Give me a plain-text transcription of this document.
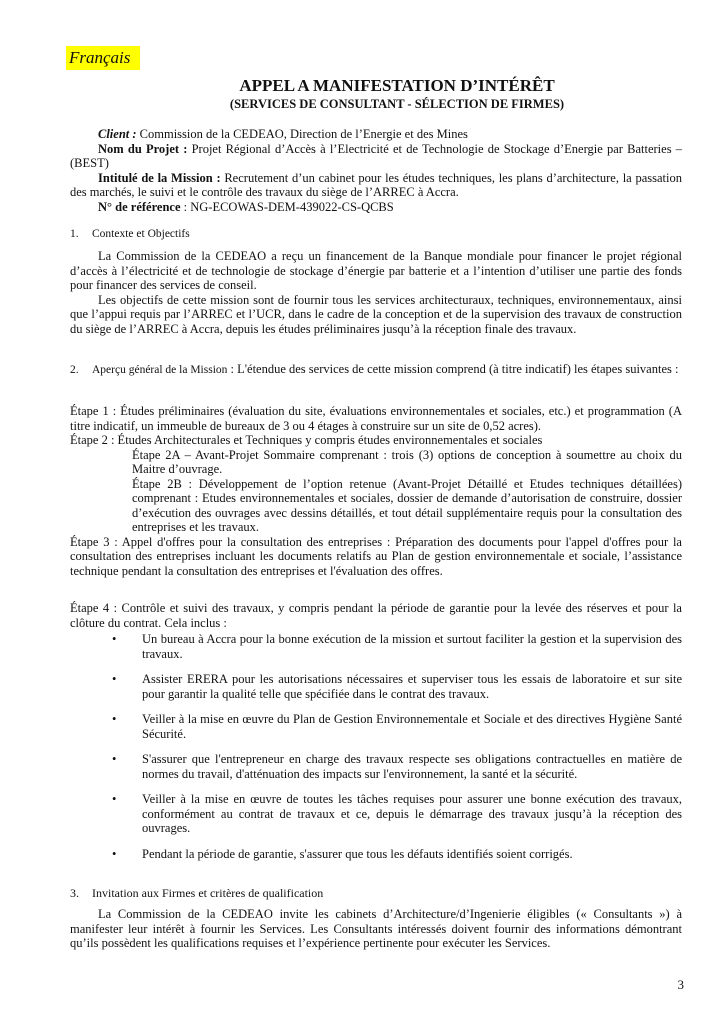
Français
APPEL A MANIFESTATION D’INTÉRÊT
(SERVICES DE CONSULTANT - SÉLECTION DE FIRMES)

Client : Commission de la CEDEAO, Direction de l’Energie et des Mines

Nom du Projet : Projet Régional d’Accès à l’Electricité et de Technologie de Stockage d’Energie par Batteries – (BEST)

Intitulé de la Mission : Recrutement d’un cabinet pour les études techniques, les plans d’architecture, la passation des marchés, le suivi et le contrôle des travaux du siège de l’ARREC à Accra.

N° de référence : NG-ECOWAS-DEM-439022-CS-QCBS

1. Contexte et Objectifs

La Commission de la CEDEAO a reçu un financement de la Banque mondiale pour financer le projet régional d’accès à l’électricité et de technologie de stockage d’énergie par batterie et a l’intention d’utiliser une partie des fonds pour financer des services de conseil.

Les objectifs de cette mission sont de fournir tous les services architecturaux, techniques, environnementaux, ainsi que l’appui requis par l’ARREC et l’UCR, dans le cadre de la conception et de la supervision des travaux de construction du siège de l’ARREC à Accra, depuis les études préliminaires jusqu’à la réception finale des travaux.

2. Aperçu général de la Mission : L'étendue des services de cette mission comprend (à titre indicatif) les étapes suivantes :

Étape 1 : Études préliminaires (évaluation du site, évaluations environnementales et sociales, etc.) et programmation (A titre indicatif, un immeuble de bureaux de 3 ou 4 étages à construire sur un site de 0,52 acres).

Étape 2 : Études Architecturales et Techniques y compris études environnementales et sociales

Étape 2A – Avant-Projet Sommaire comprenant : trois (3) options de conception à soumettre au choix du Maitre d’ouvrage.

Étape 2B : Développement de l’option retenue (Avant-Projet Détaillé et Etudes techniques détaillées) comprenant : Etudes environnementales et sociales, dossier de demande d’autorisation de construire, dossier d’exécution des ouvrages avec dessins détaillés, et tout détail supplémentaire requis pour la consultation des entreprises et les travaux.

Étape 3 : Appel d'offres pour la consultation des entreprises : Préparation des documents pour l'appel d'offres pour la consultation des entreprises incluant les documents relatifs au Plan de gestion environnementale et sociale, l’assistance technique pendant la consultation des entreprises et l'évaluation des offres.

Étape 4 : Contrôle et suivi des travaux, y compris pendant la période de garantie pour la levée des réserves et pour la clôture du contrat. Cela inclus :

• Un bureau à Accra pour la bonne exécution de la mission et surtout faciliter la gestion et la supervision des travaux.
• Assister ERERA pour les autorisations nécessaires et superviser tous les essais de laboratoire et sur site pour garantir la qualité telle que spécifiée dans le contrat des travaux.
• Veiller à la mise en œuvre du Plan de Gestion Environnementale et Sociale et des directives Hygiène Santé Sécurité.
• S'assurer que l'entrepreneur en charge des travaux respecte ses obligations contractuelles en matière de normes du travail, d'atténuation des impacts sur l'environnement, la santé et la sécurité.
• Veiller à la mise en œuvre de toutes les tâches requises pour assurer une bonne exécution des travaux, conformément au contrat de travaux et ce, depuis le démarrage des travaux jusqu’à la réception des ouvrages.
• Pendant la période de garantie, s'assurer que tous les défauts identifiés soient corrigés.
3. Invitation aux Firmes et critères de qualification

La Commission de la CEDEAO invite les cabinets d’Architecture/d’Ingenierie éligibles (« Consultants ») à manifester leur intérêt à fournir les Services. Les Consultants intéressés doivent fournir des informations démontrant qu’ils possèdent les qualifications requises et l’expérience pertinente pour exécuter les Services.

3
